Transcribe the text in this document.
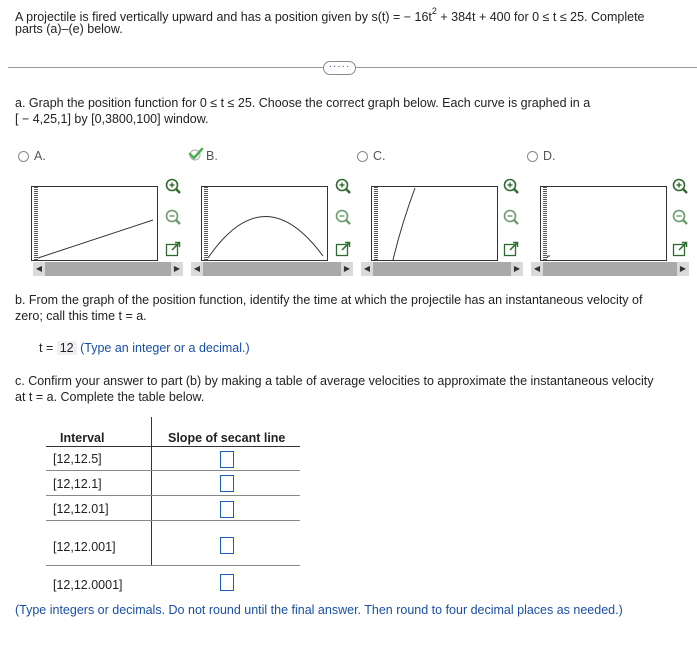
A projectile is fired vertically upward and has a position given by s(t) = − $16t^2 + 384t + 400$ for 0 ≤ t ≤ 25. Complete
parts (a)–(e) below.
·····
a. Graph the position function for 0 ≤ t ≤ 25. Choose the correct graph below. Each curve is graphed in a
[ − 4,25,1] by [0,3800,100] window.
A.
◀	▶
B.
◀	▶
C.
◀	▶
D.
◀	▶
b. From the graph of the position function, identify the time at which the projectile has an instantaneous velocity of
zero; call this time t = a.
t = 12 (Type an integer or a decimal.)
c. Confirm your answer to part (b) by making a table of average velocities to approximate the instantaneous velocity
at t = a. Complete the table below.
Interval	Slope of secant line
[12,12.5]
[12,12.1]
[12,12.01]
[12,12.001]
[12,12.0001]
(Type integers or decimals. Do not round until the final answer. Then round to four decimal places as needed.)
